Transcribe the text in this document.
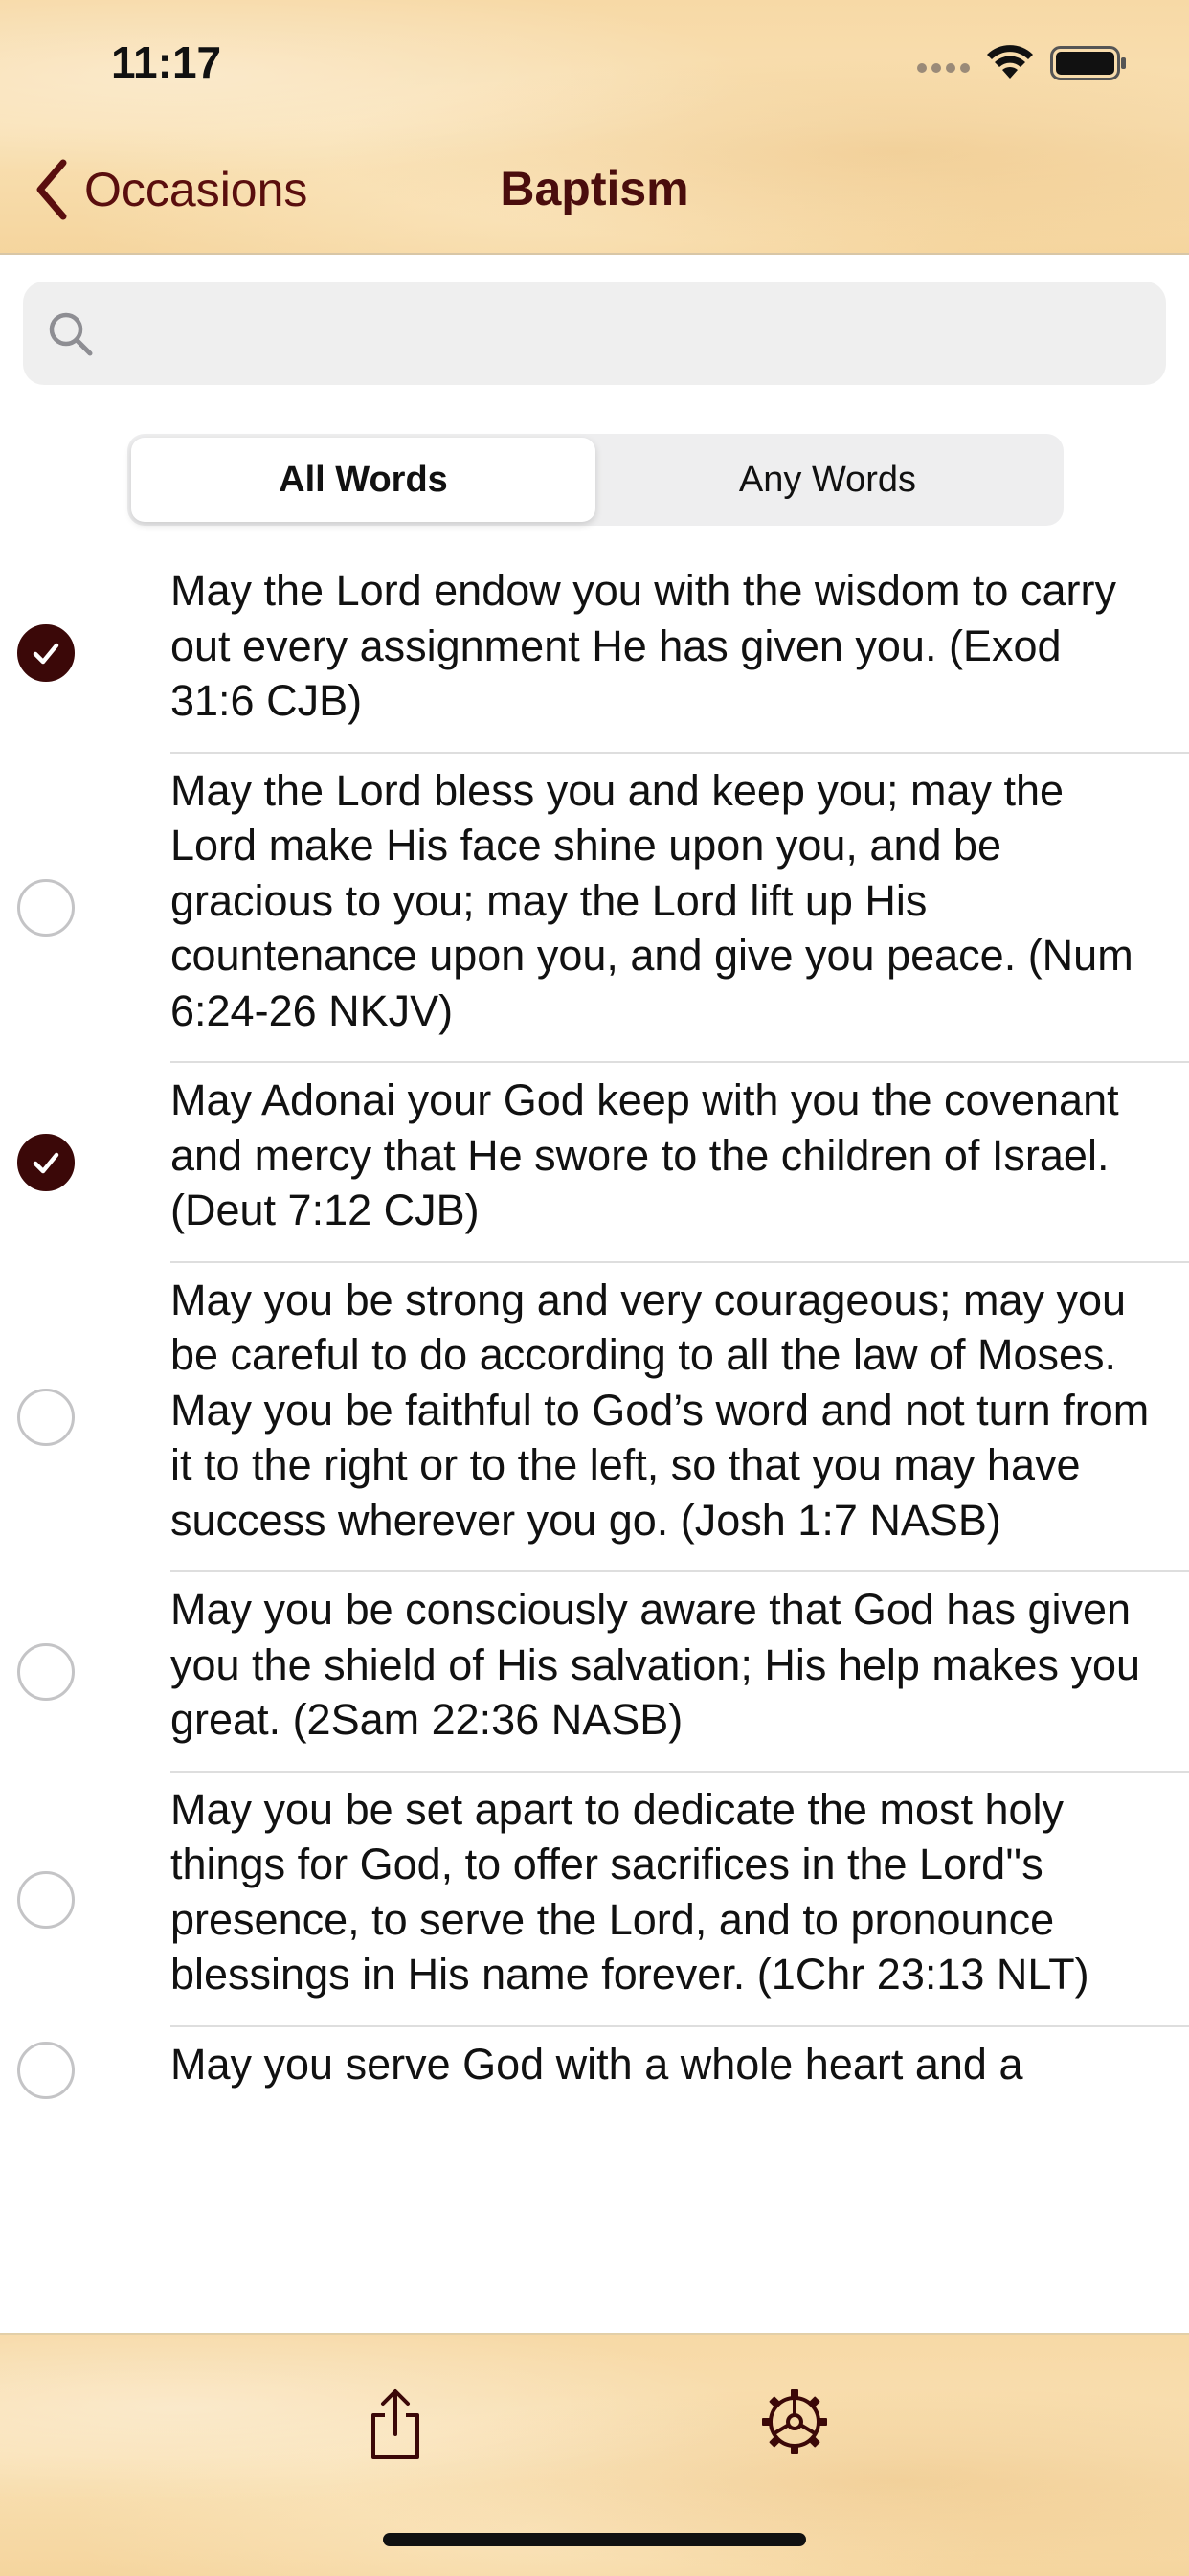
11:17
Occasions	Baptism
All Words	Any Words
May the Lord endow you with the wisdom to carry out every assignment He has given you. (Exod 31:6 CJB)
May the Lord bless you and keep you; may the Lord make His face shine upon you, and be gracious to you; may the Lord lift up His countenance upon you, and give you peace. (Num 6:24-26 NKJV)
May Adonai your God keep with you the covenant and mercy that He swore to the children of Israel. (Deut 7:12 CJB)
May you be strong and very courageous; may you be careful to do according to all the law of Moses. May you be faithful to God’s word and not turn from it to the right or to the left, so that you may have success wherever you go. (Josh 1:7 NASB)
May you be consciously aware that God has given you the shield of His salvation; His help makes you great. (2Sam 22:36 NASB)
May you be set apart to dedicate the most holy things for God, to offer sacrifices in the Lord''s presence, to serve the Lord, and to pronounce blessings in His name forever. (1Chr 23:13 NLT)
May you serve God with a whole heart and a
